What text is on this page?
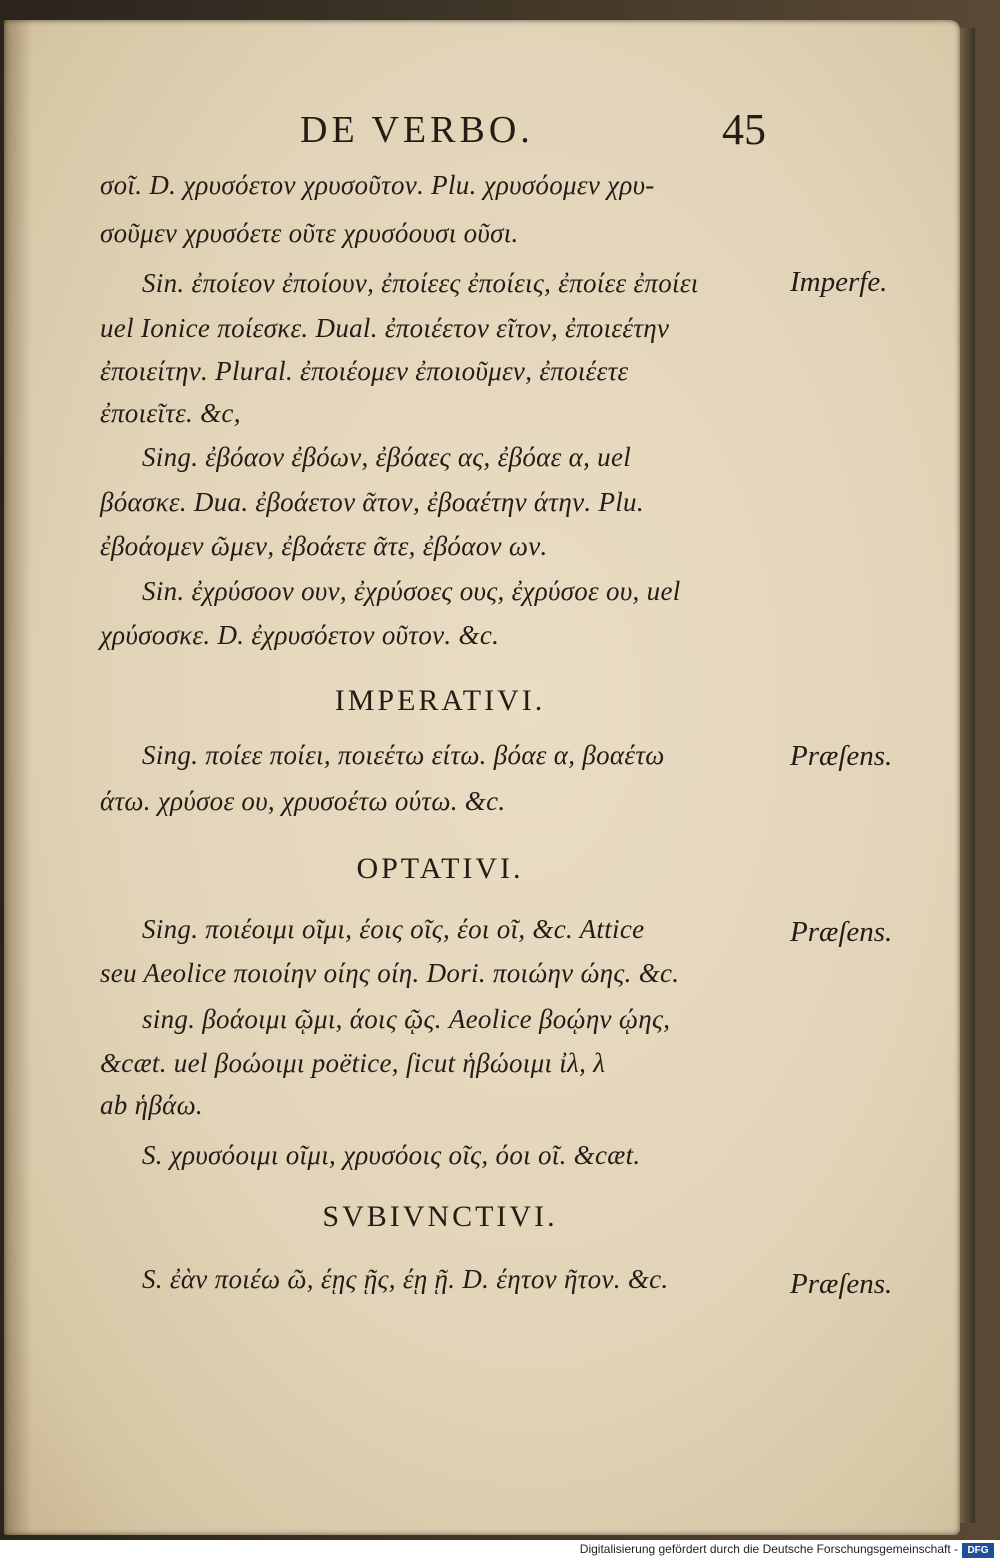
DE VERBO.	45
σοῖ. D. χρυσόετον χρυσοῦτον. Plu. χρυσόομεν χρυ-
σοῦμεν χρυσόετε οῦτε χρυσόουσι οῦσι.
Sin. ἐποίεον ἐποίουν, ἐποίεες ἐποίεις, ἐποίεε ἐποίει
uel Ionice ποίεσκε. Dual. ἐποιέετον εῖτον, ἐποιεέτην
ἐποιείτην. Plural. ἐποιέομεν ἐποιοῦμεν, ἐποιέετε
ἐποιεῖτε. &c,
Sing. ἐβόαον ἐβόων, ἐβόαες ας, ἐβόαε α, uel
βόασκε. Dua. ἐβοάετον ᾶτον, ἐβοαέτην άτην. Plu.
ἐβοάομεν ῶμεν, ἐβοάετε ᾶτε, ἐβόαον ων.
Sin. ἐχρύσοον ουν, ἐχρύσοες ους, ἐχρύσοε ου, uel
χρύσοσκε. D. ἐχρυσόετον οῦτον. &c.
IMPERATIVI.
Sing. ποίεε ποίει, ποιεέτω είτω. βόαε α, βοαέτω
άτω. χρύσοε ου, χρυσοέτω ούτω. &c.
OPTATIVI.
Sing. ποιέοιμι οῖμι, έοις οῖς, έοι οῖ, &c. Attice
seu Aeolice ποιοίην οίης οίη. Dori. ποιώην ώης. &c.
sing. βοάοιμι ῷμι, άοις ῷς. Aeolice βοῴην ῴης,
&cæt. uel βοώοιμι poëtice, ſicut ἡβώοιμι ἰλ, λ
ab ἡβάω.
S. χρυσόοιμι οῖμι, χρυσόοις οῖς, όοι οῖ. &cæt.
SVBIVNCTIVI.
S. ἐὰν ποιέω ῶ, έῃς ῇς, έῃ ῇ. D. έητον ῆτον. &c.
Imperfe.
Præſens.
Præſens.
Præſens.
Digitalisierung gefördert durch die Deutsche Forschungsgemeinschaft - DFG
